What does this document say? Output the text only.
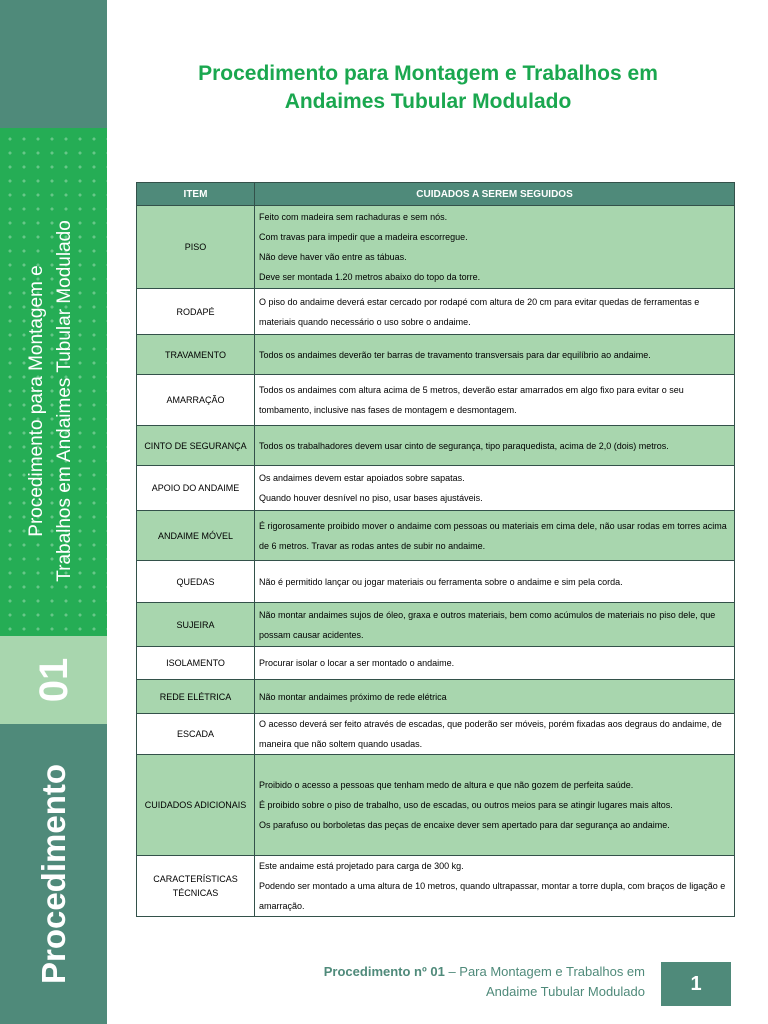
Procedimento para Montagem e Trabalhos em Andaimes Tubular Modulado
01
Procedimento
Procedimento para Montagem e Trabalhos em
Andaimes Tubular Modulado
ITEM	CUIDADOS A SEREM SEGUIDOS
PISO	Feito com madeira sem rachaduras e sem nós.
Com travas para impedir que a madeira escorregue.
Não deve haver vão entre as tábuas.
Deve ser montada 1.20 metros abaixo do topo da torre.

RODAPÉ	O piso do andaime deverá estar cercado por rodapé com altura de 20 cm para evitar quedas de ferramentas e materiais quando necessário o uso sobre o andaime.

TRAVAMENTO	Todos os andaimes deverão ter barras de travamento transversais para dar equilíbrio ao andaime.

AMARRAÇÃO	Todos os andaimes com altura acima de 5 metros, deverão estar amarrados em algo fixo para evitar o seu tombamento, inclusive nas fases de montagem e desmontagem.

CINTO DE SEGURANÇA	Todos os trabalhadores devem usar cinto de segurança, tipo paraquedista, acima de 2,0 (dois) metros.

APOIO DO ANDAIME	Os andaimes devem estar apoiados sobre sapatas.
Quando houver desnível no piso, usar bases ajustáveis.

ANDAIME MÓVEL	É rigorosamente proibido mover o andaime com pessoas ou materiais em cima dele, não usar rodas em torres acima de 6 metros. Travar as rodas antes de subir no andaime.

QUEDAS	Não é permitido lançar ou jogar materiais ou ferramenta sobre o andaime e sim pela corda.

SUJEIRA	Não montar andaimes sujos de óleo, graxa e outros materiais, bem como acúmulos de materiais no piso dele, que possam causar acidentes.

ISOLAMENTO	Procurar isolar o locar a ser montado o andaime.

REDE ELÉTRICA	Não montar andaimes próximo de rede elétrica

ESCADA	O acesso deverá ser feito através de escadas, que poderão ser móveis, porém fixadas aos degraus do andaime, de maneira que não soltem quando usadas.

CUIDADOS ADICIONAIS	Proibido o acesso a pessoas que tenham medo de altura e que não gozem de perfeita saúde.
É proibido sobre o piso de trabalho, uso de escadas, ou outros meios para se atingir lugares mais altos.
Os parafuso ou borboletas das peças de encaixe dever sem apertado para dar segurança ao andaime.

CARACTERÍSTICAS TÉCNICAS	Este andaime está projetado para carga de 300 kg.
Podendo ser montado a uma altura de 10 metros, quando ultrapassar, montar a torre dupla, com braços de ligação e amarração.
Procedimento nº 01 – Para Montagem e Trabalhos em
Andaime Tubular Modulado	1
